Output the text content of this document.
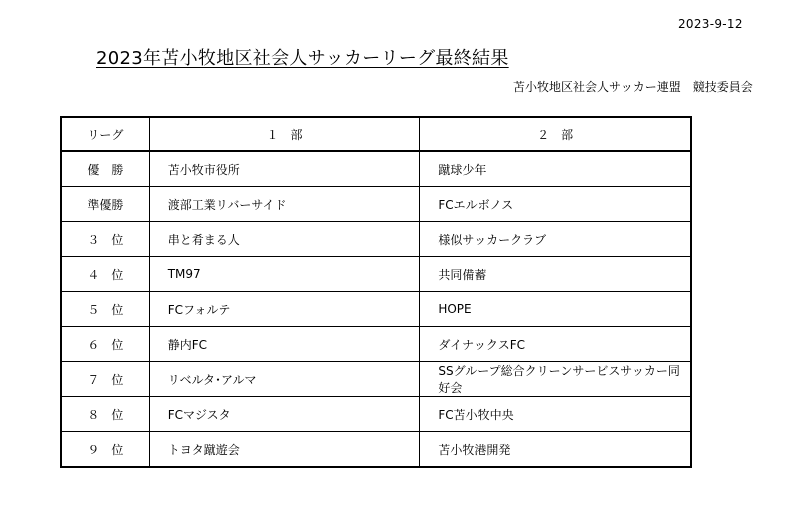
2023-9-12
2023年苫小牧地区社会人サッカーリーグ最終結果
苫小牧地区社会人サッカー連盟　競技委員会
リーグ	１　部	２　部
優　勝	苫小牧市役所	蹴球少年
準優勝	渡部工業リバーサイド	FCエルボノス
３　位	串と肴まる人	様似サッカークラブ
４　位	TM97	共同備蓄
５　位	FCフォルテ	HOPE
６　位	静内FC	ダイナックスFC
７　位	リベルタ･アルマ	SSグループ総合クリーンサービスサッカー同好会
８　位	FCマジスタ	FC苫小牧中央
９　位	トヨタ蹴遊会	苫小牧港開発
